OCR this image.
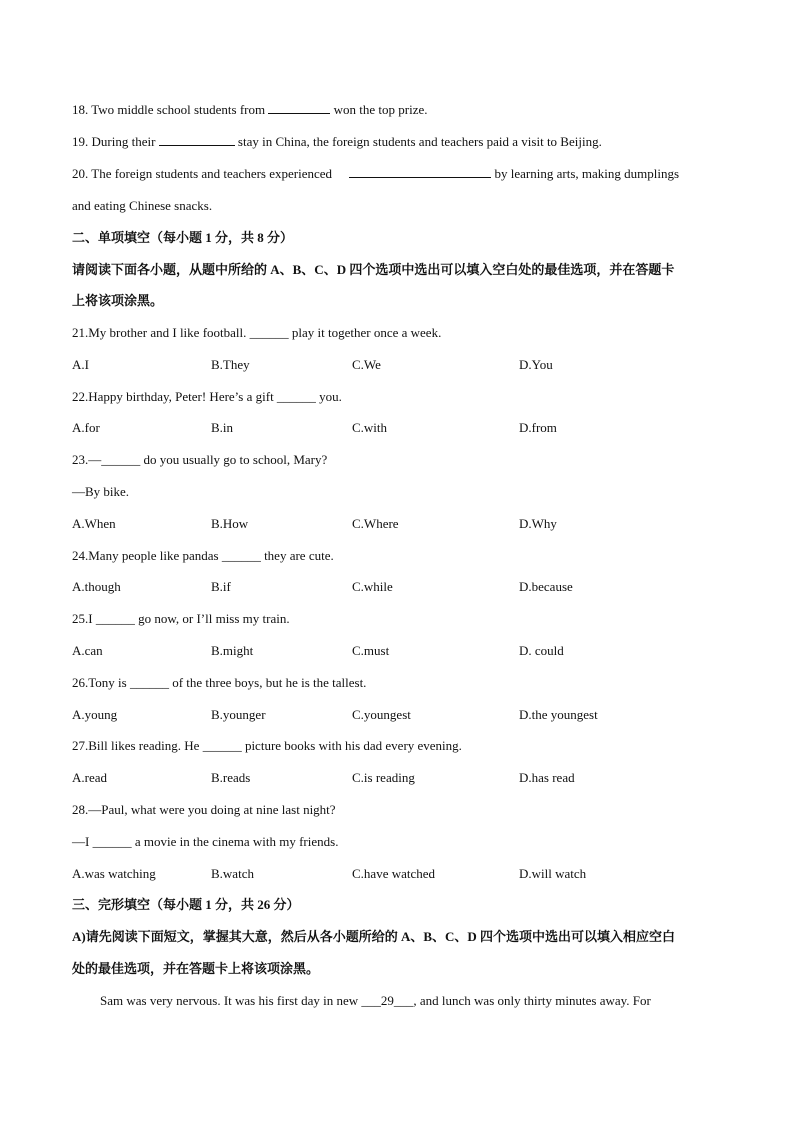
18. Two middle school students from	won the top prize.
19. During their	stay in China, the foreign students and teachers paid a visit to Beijing.
20. The foreign students and teachers experienced	by learning arts, making dumplings
and eating Chinese snacks.
二、单项填空（每小题 1 分，共 8 分）
请阅读下面各小题，从题中所给的 A、B、C、D 四个选项中选出可以填入空白处的最佳选项，并在答题卡
上将该项涂黑。
21.My brother and I like football. ______ play it together once a week.
A.I	B.They	C.We	D.You
22.Happy birthday, Peter! Here’s a gift ______ you.
A.for	B.in	C.with	D.from
23.—______ do you usually go to school, Mary?
—By bike.
A.When	B.How	C.Where	D.Why
24.Many people like pandas ______ they are cute.
A.though	B.if	C.while	D.because
25.I ______ go now, or I’ll miss my train.
A.can	B.might	C.must	D. could
26.Tony is ______ of the three boys, but he is the tallest.
A.young	B.younger	C.youngest	D.the youngest
27.Bill likes reading. He ______ picture books with his dad every evening.
A.read	B.reads	C.is reading	D.has read
28.—Paul, what were you doing at nine last night?
—I ______ a movie in the cinema with my friends.
A.was watching	B.watch	C.have watched	D.will watch
三、完形填空（每小题 1 分，共 26 分）
A)请先阅读下面短文，掌握其大意，然后从各小题所给的 A、B、C、D 四个选项中选出可以填入相应空白
处的最佳选项，并在答题卡上将该项涂黑。
Sam was very nervous. It was his first day in new ___29___, and lunch was only thirty minutes away. For
